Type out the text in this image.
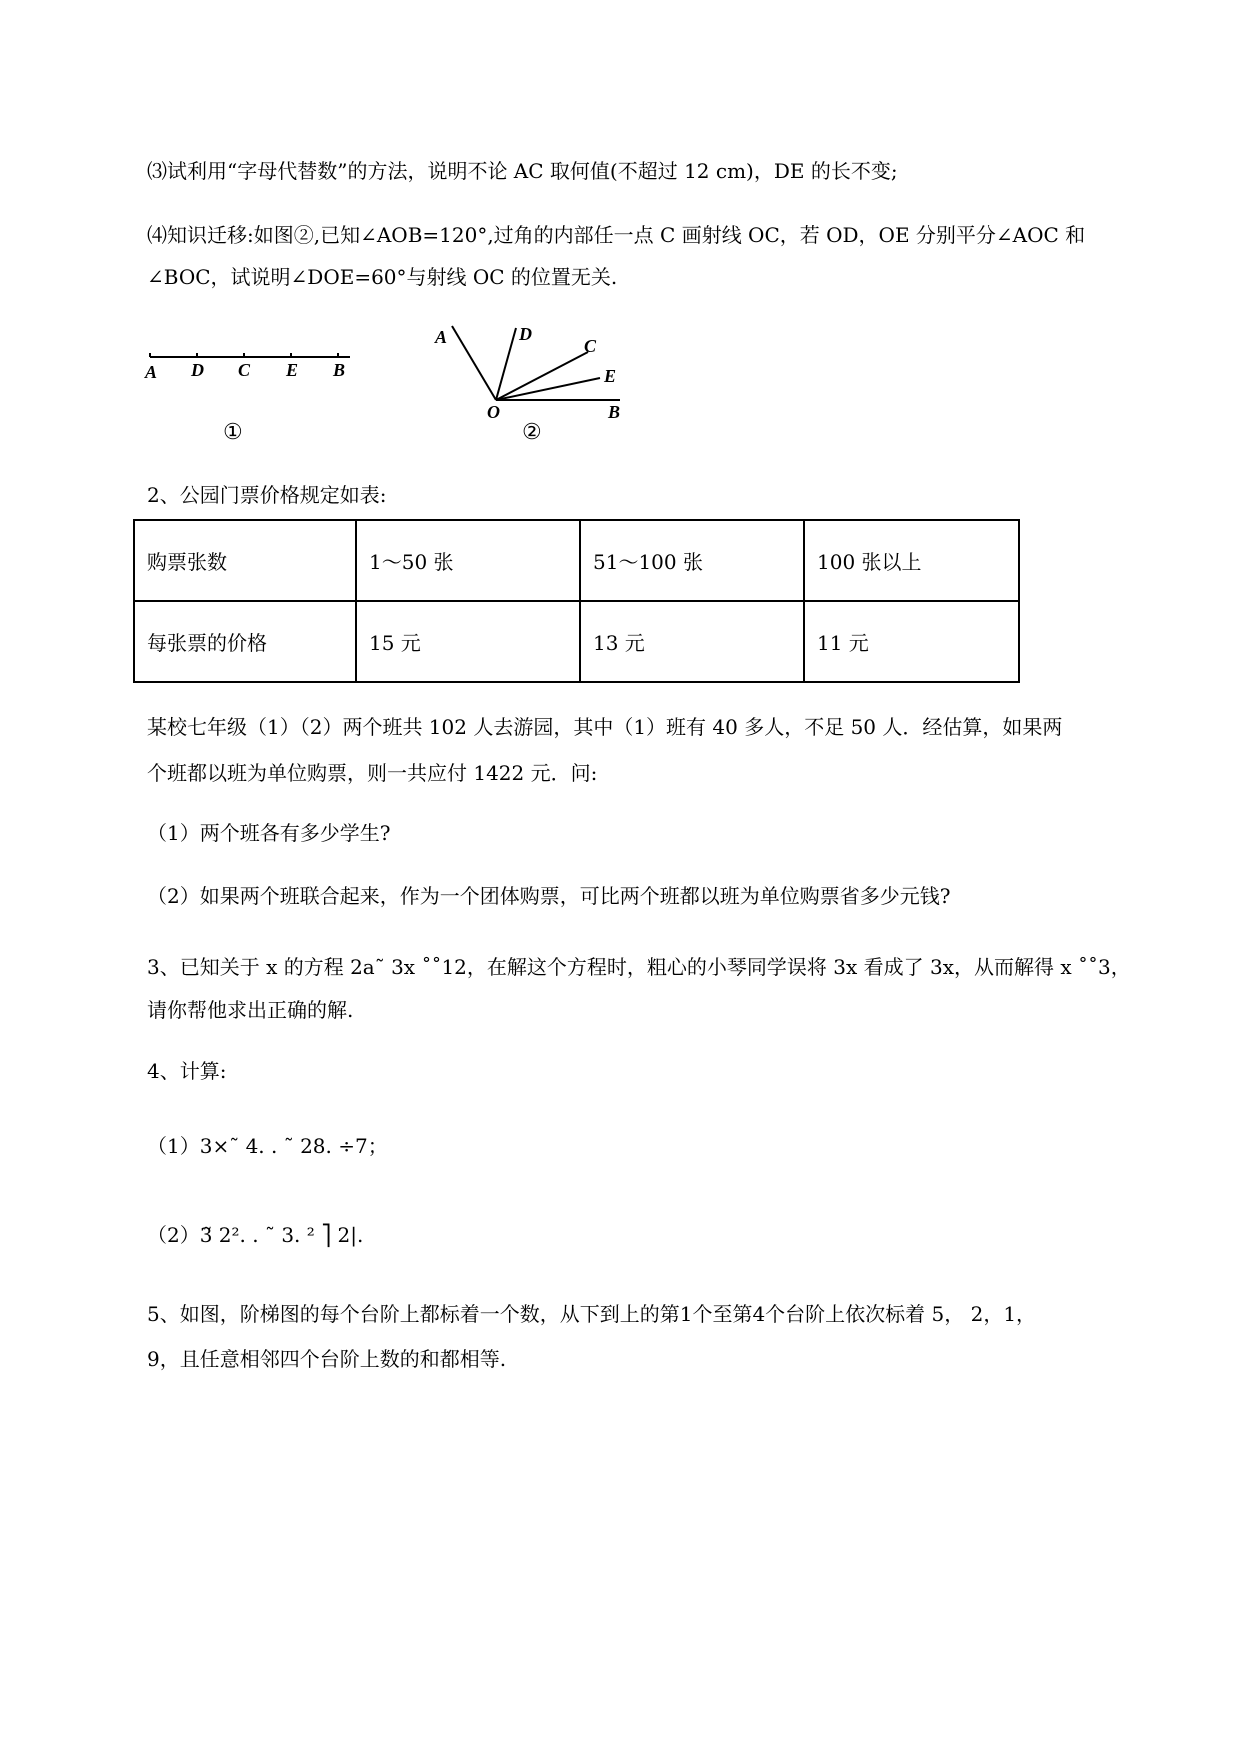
⑶试利用“字母代替数”的方法，说明不论 AC 取何值(不超过 12 cm)，DE 的长不变;
⑷知识迁移:如图②,已知∠AOB=120°,过角的内部任一点 C 画射线 OC，若 OD，OE 分别平分∠AOC 和
∠BOC，试说明∠DOE=60°与射线 OC 的位置无关.
A D C E B
①
A	D
C
E
O	B
②
2、公园门票价格规定如表:
购票张数	1～50 张	51～100 张	100 张以上
每张票的价格	15 元	13 元	11 元
某校七年级（1）（2）两个班共 102 人去游园，其中（1）班有 40 多人，不足 50 人．经估算，如果两
个班都以班为单位购票，则一共应付 1422 元．问:
（1）两个班各有多少学生?
（2）如果两个班联合起来，作为一个团体购票，可比两个班都以班为单位购票省多少元钱?
3、已知关于 x 的方程 2a˜ 3x ˚˚12，在解这个方程时，粗心的小琴同学误将 3x 看成了 3x，从而解得 x ˚˚3，
请你帮他求出正确的解.
4、计算:
（1）3×˜ 4. . ˜ 28. ÷7；
（2）3̃ 2². . ˜ 3. ² ⎤ 2|.
5、如图，阶梯图的每个台阶上都标着一个数，从下到上的第1个至第4个台阶上依次标着 5， 2，1，
9，且任意相邻四个台阶上数的和都相等.
